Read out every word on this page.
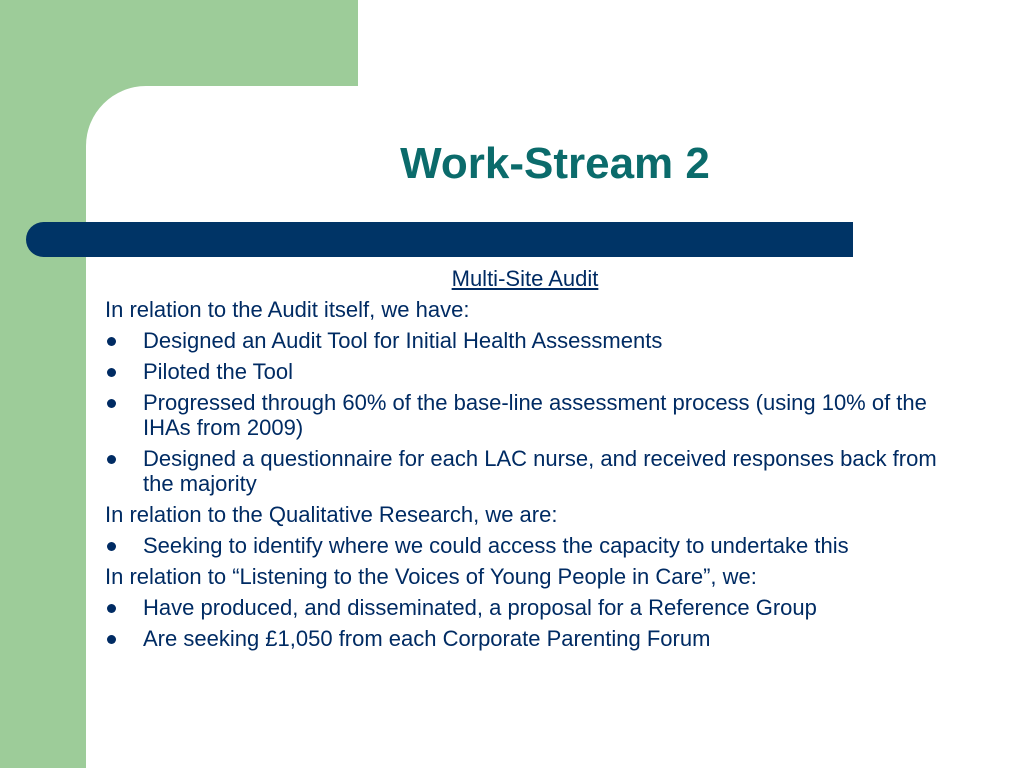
Work-Stream 2
Multi-Site Audit
In relation to the Audit itself, we have:
Designed an Audit Tool for Initial Health Assessments
Piloted the Tool
Progressed through 60% of the base-line assessment process (using 10% of the IHAs from 2009)
Designed a questionnaire for each LAC nurse, and received responses back from the majority
In relation to the Qualitative Research, we are:
Seeking to identify where we could access the capacity to undertake this
In relation to “Listening to the Voices of Young People in Care”, we:
Have produced, and disseminated, a proposal for a Reference Group
Are seeking £1,050 from each Corporate Parenting Forum
